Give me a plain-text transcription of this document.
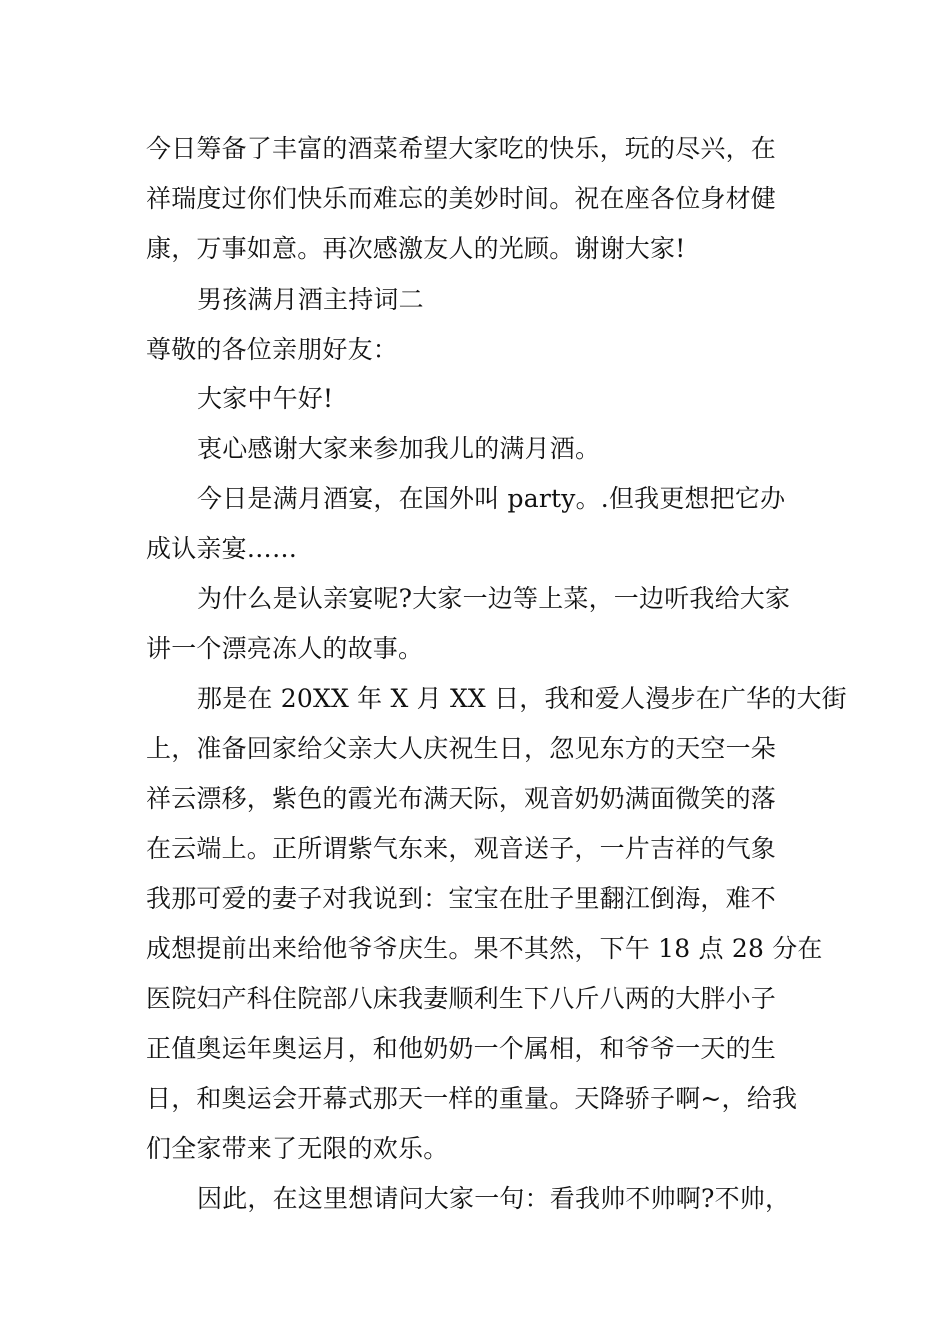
今日筹备了丰富的酒菜希望大家吃的快乐，玩的尽兴，在
祥瑞度过你们快乐而难忘的美妙时间。祝在座各位身材健
康，万事如意。再次感激友人的光顾。谢谢大家!
男孩满月酒主持词二
尊敬的各位亲朋好友：
大家中午好!
衷心感谢大家来参加我儿的满月酒。
今日是满月酒宴，在国外叫 party。.但我更想把它办
成认亲宴……
为什么是认亲宴呢?大家一边等上菜，一边听我给大家
讲一个漂亮冻人的故事。
那是在 20XX 年 X 月 XX 日，我和爱人漫步在广华的大街
上，准备回家给父亲大人庆祝生日，忽见东方的天空一朵
祥云漂移，紫色的霞光布满天际，观音奶奶满面微笑的落
在云端上。正所谓紫气东来，观音送子，一片吉祥的气象
我那可爱的妻子对我说到：宝宝在肚子里翻江倒海，难不
成想提前出来给他爷爷庆生。果不其然，下午 18 点 28 分在
医院妇产科住院部八床我妻顺利生下八斤八两的大胖小子
正值奥运年奥运月，和他奶奶一个属相，和爷爷一天的生
日，和奥运会开幕式那天一样的重量。天降骄子啊~，给我
们全家带来了无限的欢乐。
因此，在这里想请问大家一句：看我帅不帅啊?不帅，
